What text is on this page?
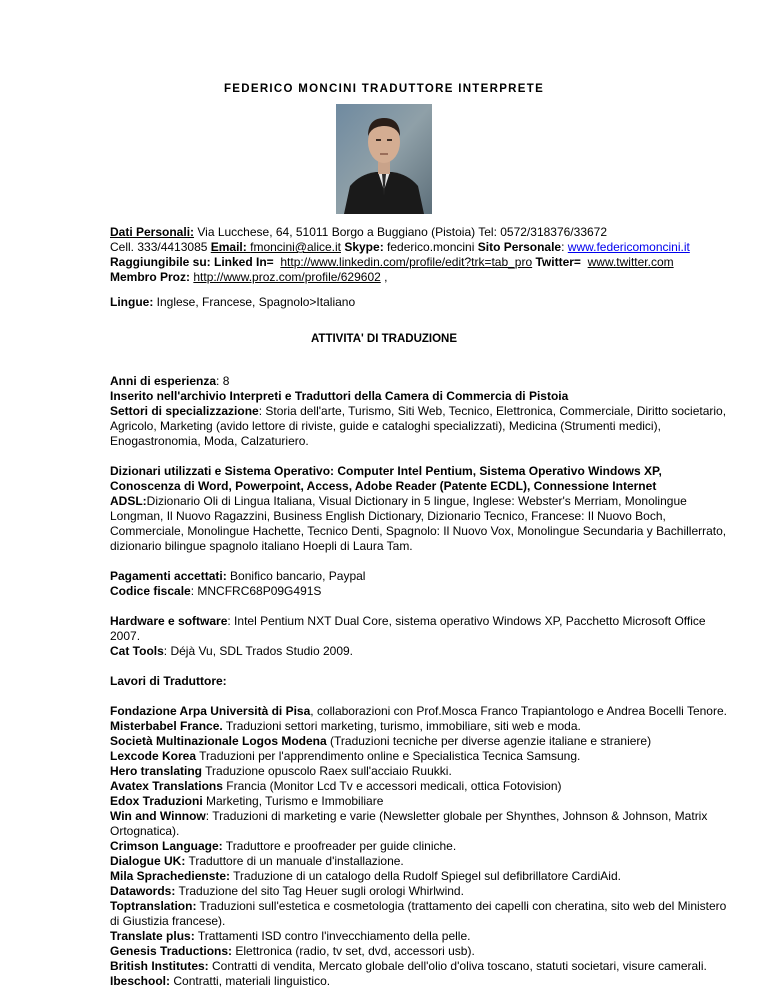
FEDERICO MONCINI TRADUTTORE INTERPRETE
Dati Personali: Via Lucchese, 64, 51011 Borgo a Buggiano (Pistoia) Tel: 0572/318376/33672
Cell. 333/4413085 Email: fmoncini@alice.it Skype: federico.moncini Sito Personale: www.federicomoncini.it
Raggiungibile su: Linked In= http://www.linkedin.com/profile/edit?trk=tab_pro Twitter= www.twitter.com
Membro Proz: http://www.proz.com/profile/629602 ,
Lingue: Inglese, Francese, Spagnolo>Italiano
ATTIVITA' DI TRADUZIONE
Anni di esperienza: 8
Inserito nell'archivio Interpreti e Traduttori della Camera di Commercia di Pistoia
Settori di specializzazione: Storia dell'arte, Turismo, Siti Web, Tecnico, Elettronica, Commerciale, Diritto societario,
Agricolo, Marketing (avido lettore di riviste, guide e cataloghi specializzati), Medicina (Strumenti medici),
Enogastronomia, Moda, Calzaturiero.
Dizionari utilizzati e Sistema Operativo: Computer Intel Pentium, Sistema Operativo Windows XP,
Conoscenza di Word, Powerpoint, Access, Adobe Reader (Patente ECDL), Connessione Internet
ADSL:Dizionario Oli di Lingua Italiana, Visual Dictionary in 5 lingue, Inglese: Webster's Merriam, Monolingue
Longman, Il Nuovo Ragazzini, Business English Dictionary, Dizionario Tecnico, Francese: Il Nuovo Boch,
Commerciale, Monolingue Hachette, Tecnico Denti, Spagnolo: Il Nuovo Vox, Monolingue Secundaria y Bachillerrato,
dizionario bilingue spagnolo italiano Hoepli di Laura Tam.
Pagamenti accettati: Bonifico bancario, Paypal
Codice fiscale: MNCFRC68P09G491S
Hardware e software: Intel Pentium NXT Dual Core, sistema operativo Windows XP, Pacchetto Microsoft Office
2007.
Cat Tools: Déjà Vu, SDL Trados Studio 2009.
Lavori di Traduttore:
Fondazione Arpa Università di Pisa, collaborazioni con Prof.Mosca Franco Trapiantologo e Andrea Bocelli Tenore.
Misterbabel France. Traduzioni settori marketing, turismo, immobiliare, siti web e moda.
Società Multinazionale Logos Modena (Traduzioni tecniche per diverse agenzie italiane e straniere)
Lexcode Korea Traduzioni per l'apprendimento online e Specialistica Tecnica Samsung.
Hero translating Traduzione opuscolo Raex sull'acciaio Ruukki.
Avatex Translations Francia (Monitor Lcd Tv e accessori medicali, ottica Fotovision)
Edox Traduzioni Marketing, Turismo e Immobiliare
Win and Winnow: Traduzioni di marketing e varie (Newsletter globale per Shynthes, Johnson & Johnson, Matrix
Ortognatica).
Crimson Language: Traduttore e proofreader per guide cliniche.
Dialogue UK: Traduttore di un manuale d'installazione.
Mila Sprachedienste: Traduzione di un catalogo della Rudolf Spiegel sul defibrillatore CardiAid.
Datawords: Traduzione del sito Tag Heuer sugli orologi Whirlwind.
Toptranslation: Traduzioni sull'estetica e cosmetologia (trattamento dei capelli con cheratina, sito web del Ministero
di Giustizia francese).
Translate plus: Trattamenti ISD contro l'invecchiamento della pelle.
Genesis Traductions: Elettronica (radio, tv set, dvd, accessori usb).
British Institutes: Contratti di vendita, Mercato globale dell'olio d'oliva toscano, statuti societari, visure camerali.
Ibeschool: Contratti, materiali linguistico.
